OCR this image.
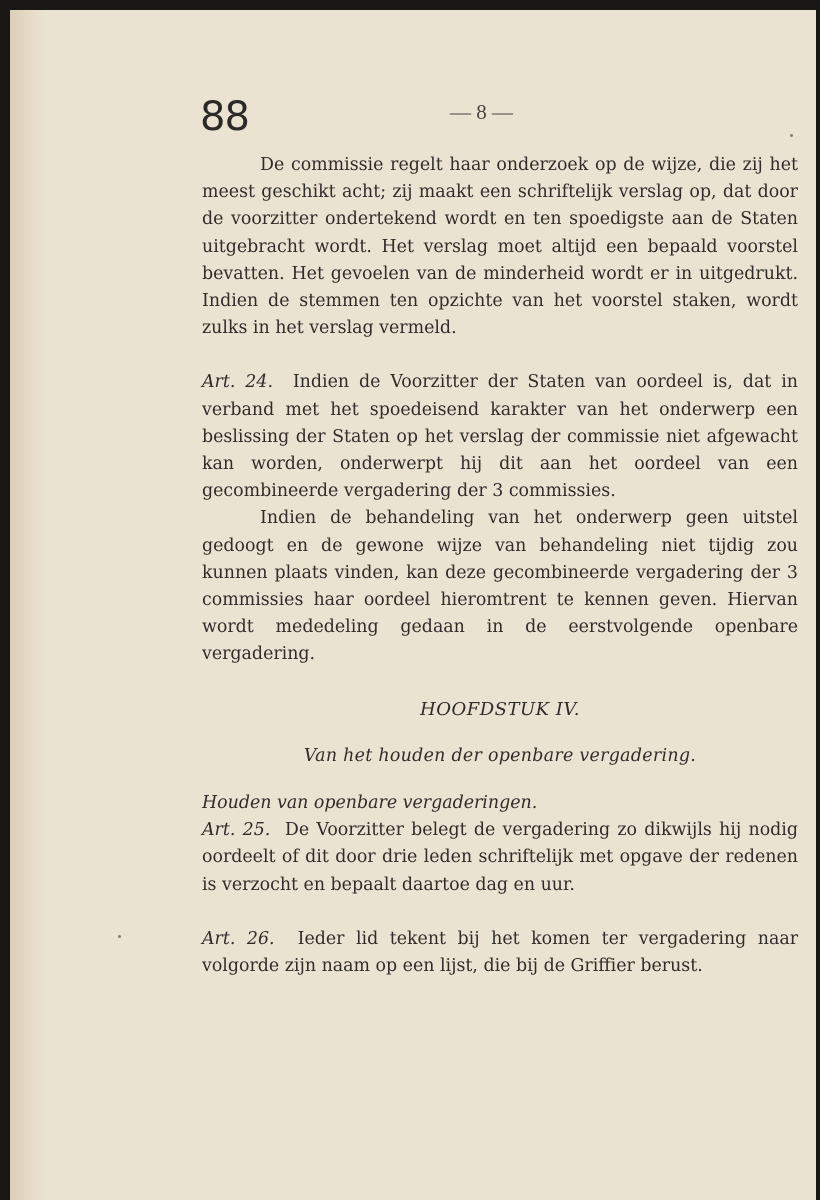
88	— 8 —

De commissie regelt haar onderzoek op de wijze, die zij het meest geschikt acht; zij maakt een schriftelijk verslag op, dat door de voorzitter ondertekend wordt en ten spoedigste aan de Staten uitgebracht wordt. Het verslag moet altijd een bepaald voorstel bevatten. Het gevoelen van de minderheid wordt er in uitgedrukt. Indien de stemmen ten opzichte van het voorstel staken, wordt zulks in het verslag vermeld.

Art. 24. Indien de Voorzitter der Staten van oordeel is, dat in verband met het spoedeisend karakter van het onderwerp een beslissing der Staten op het verslag der commissie niet afgewacht kan worden, onderwerpt hij dit aan het oordeel van een gecombineerde vergadering der 3 commissies.

Indien de behandeling van het onderwerp geen uitstel gedoogt en de gewone wijze van behandeling niet tijdig zou kunnen plaats vinden, kan deze gecombineerde vergadering der 3 commissies haar oordeel hieromtrent te kennen geven. Hiervan wordt mededeling gedaan in de eerstvolgende openbare vergadering.

HOOFDSTUK IV.

Van het houden der openbare vergadering.

Houden van openbare vergaderingen.

Art. 25. De Voorzitter belegt de vergadering zo dikwijls hij nodig oordeelt of dit door drie leden schriftelijk met opgave der redenen is verzocht en bepaalt daartoe dag en uur.

Art. 26. Ieder lid tekent bij het komen ter vergadering naar volgorde zijn naam op een lijst, die bij de Griffier berust.
